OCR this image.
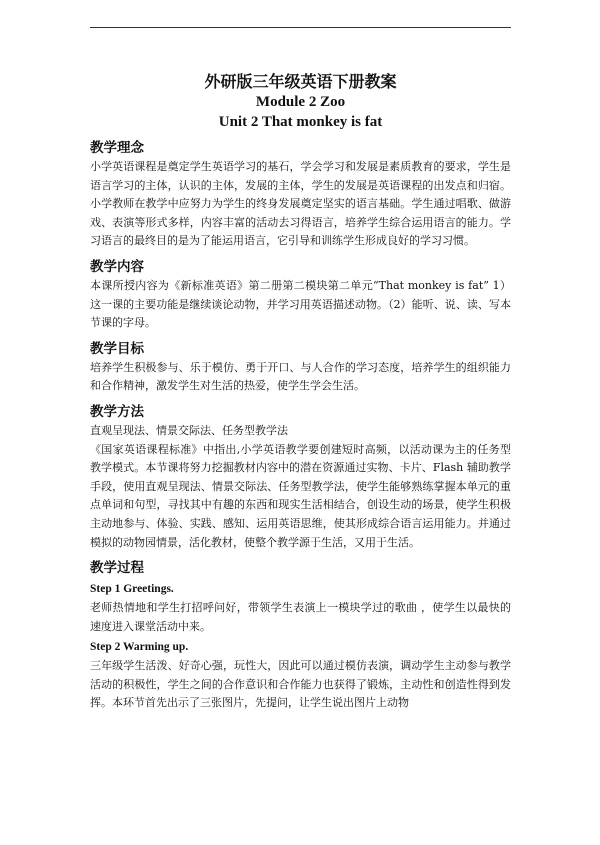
外研版三年级英语下册教案

Module 2 Zoo

Unit 2 That monkey is fat

教学理念

小学英语课程是奠定学生英语学习的基石，学会学习和发展是素质教育的要求，学生是语言学习的主体，认识的主体，发展的主体，学生的发展是英语课程的出发点和归宿。小学教师在教学中应努力为学生的终身发展奠定坚实的语言基础。学生通过唱歌、做游戏、表演等形式多样，内容丰富的活动去习得语言，培养学生综合运用语言的能力。学习语言的最终目的是为了能运用语言，它引导和训练学生形成良好的学习习惯。

教学内容

本课所授内容为《新标准英语》第二册第二模块第二单元“That monkey is fat” 1）这一课的主要功能是继续谈论动物，并学习用英语描述动物。（2）能听、说、读、写本节课的字母。

教学目标

培养学生积极参与、乐于模仿、勇于开口、与人合作的学习态度，培养学生的组织能力和合作精神，激发学生对生活的热爱，使学生学会生活。

教学方法

直观呈现法、情景交际法、任务型教学法

《国家英语课程标准》中指出,小学英语教学要创建短时高频，以活动课为主的任务型教学模式。本节课将努力挖掘教材内容中的潜在资源通过实物、卡片、Flash 辅助教学手段，使用直观呈现法、情景交际法、任务型教学法，使学生能够熟练掌握本单元的重点单词和句型，寻找其中有趣的东西和现实生活相结合，创设生动的场景，使学生积极主动地参与、体验、实践、感知、运用英语思维，使其形成综合语言运用能力。并通过模拟的动物园情景，活化教材，使整个教学源于生活，又用于生活。

教学过程

Step 1 Greetings.

老师热情地和学生打招呼问好，带领学生表演上一模块学过的歌曲 ，使学生以最快的速度进入课堂活动中来。

Step 2 Warming up.

三年级学生活泼、好奇心强，玩性大，因此可以通过模仿表演，调动学生主动参与教学活动的积极性，学生之间的合作意识和合作能力也获得了锻炼，主动性和创造性得到发挥。本环节首先出示了三张图片，先提问，让学生说出图片上动物
